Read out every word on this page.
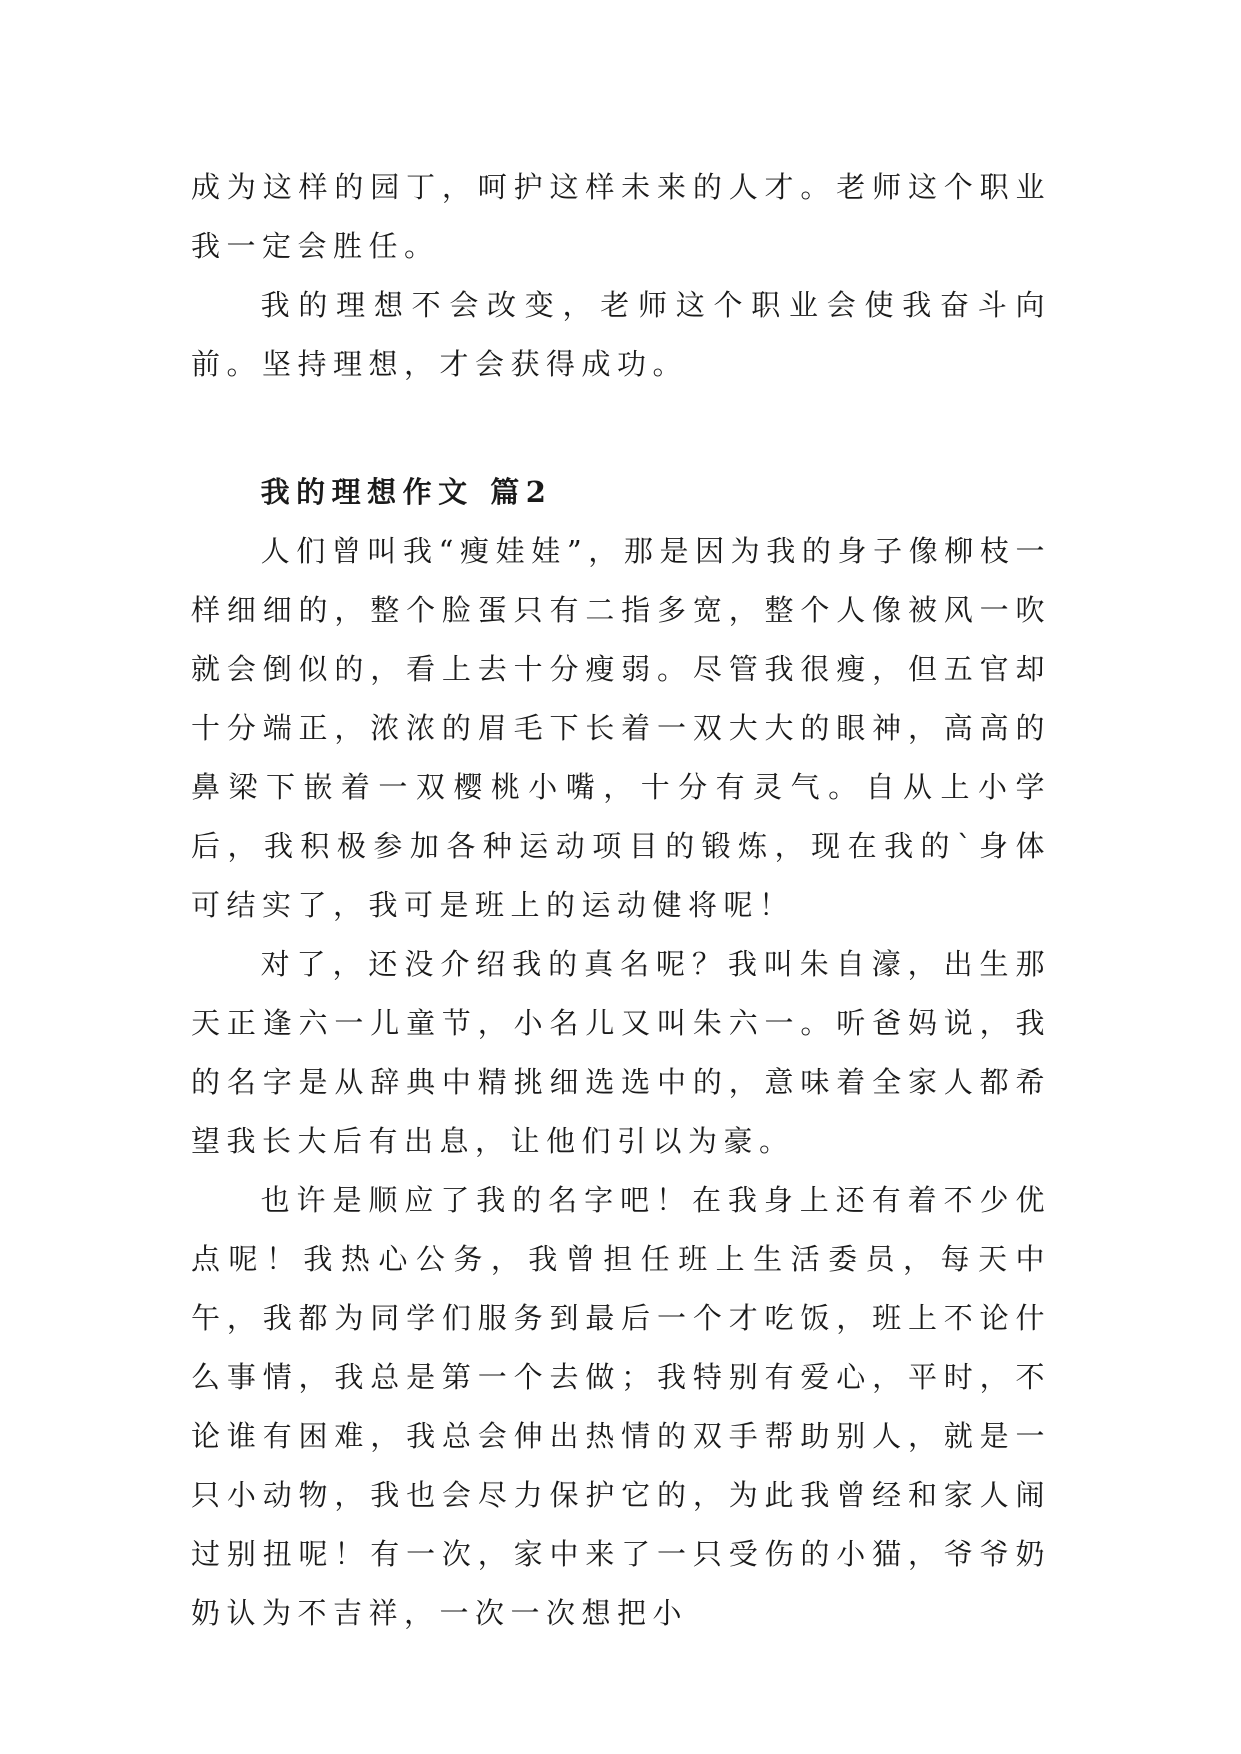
成为这样的园丁，呵护这样未来的人才。老师这个职业我一定会胜任。

我的理想不会改变，老师这个职业会使我奋斗向前。坚持理想，才会获得成功。

我的理想作文 篇2

人们曾叫我“瘦娃娃”，那是因为我的身子像柳枝一样细细的，整个脸蛋只有二指多宽，整个人像被风一吹就会倒似的，看上去十分瘦弱。尽管我很瘦，但五官却十分端正，浓浓的眉毛下长着一双大大的眼神，高高的鼻梁下嵌着一双樱桃小嘴，十分有灵气。自从上小学后，我积极参加各种运动项目的锻炼，现在我的`身体可结实了，我可是班上的运动健将呢！

对了，还没介绍我的真名呢？我叫朱自濠，出生那天正逢六一儿童节，小名儿又叫朱六一。听爸妈说，我的名字是从辞典中精挑细选选中的，意味着全家人都希望我长大后有出息，让他们引以为豪。

也许是顺应了我的名字吧！在我身上还有着不少优点呢！我热心公务，我曾担任班上生活委员，每天中午，我都为同学们服务到最后一个才吃饭，班上不论什么事情，我总是第一个去做；我特别有爱心，平时，不论谁有困难，我总会伸出热情的双手帮助别人，就是一只小动物，我也会尽力保护它的，为此我曾经和家人闹过别扭呢！有一次，家中来了一只受伤的小猫，爷爷奶奶认为不吉祥，一次一次想把小
